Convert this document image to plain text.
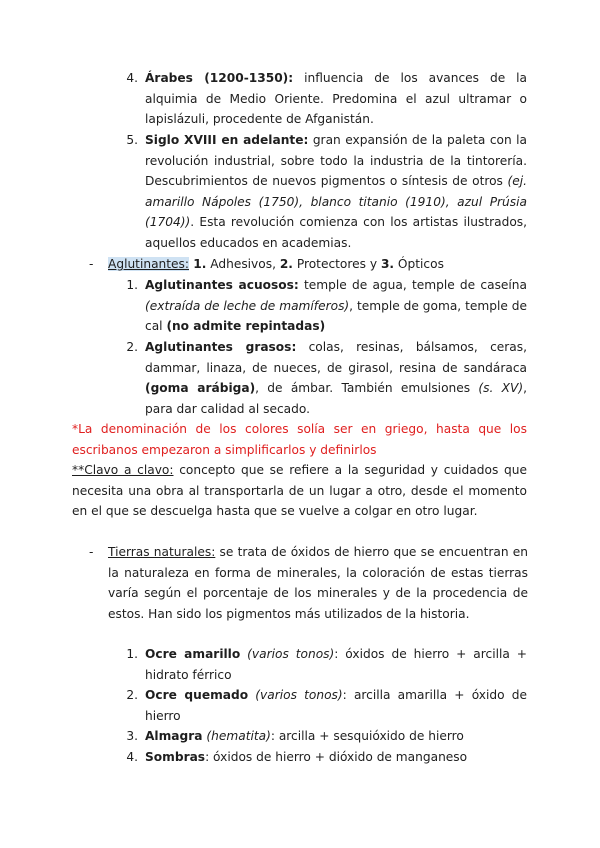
4. Árabes (1200-1350): influencia de los avances de la alquimia de Medio Oriente. Predomina el azul ultramar o lapislázuli, procedente de Afganistán.
5. Siglo XVIII en adelante: gran expansión de la paleta con la revolución industrial, sobre todo la industria de la tintorería. Descubrimientos de nuevos pigmentos o síntesis de otros (ej. amarillo Nápoles (1750), blanco titanio (1910), azul Prúsia (1704)). Esta revolución comienza con los artistas ilustrados, aquellos educados en academias.
- Aglutinantes: 1. Adhesivos, 2. Protectores y 3. Ópticos
1. Aglutinantes acuosos: temple de agua, temple de caseína (extraída de leche de mamíferos), temple de goma, temple de cal (no admite repintadas)
2. Aglutinantes grasos: colas, resinas, bálsamos, ceras, dammar, linaza, de nueces, de girasol, resina de sandáraca (goma arábiga), de ámbar. También emulsiones (s. XV), para dar calidad al secado.
*La denominación de los colores solía ser en griego, hasta que los escribanos empezaron a simplificarlos y definirlos
**Clavo a clavo: concepto que se refiere a la seguridad y cuidados que necesita una obra al transportarla de un lugar a otro, desde el momento en el que se descuelga hasta que se vuelve a colgar en otro lugar.
- Tierras naturales: se trata de óxidos de hierro que se encuentran en la naturaleza en forma de minerales, la coloración de estas tierras varía según el porcentaje de los minerales y de la procedencia de estos. Han sido los pigmentos más utilizados de la historia.
1. Ocre amarillo (varios tonos): óxidos de hierro + arcilla + hidrato férrico
2. Ocre quemado (varios tonos): arcilla amarilla + óxido de hierro
3. Almagra (hematita): arcilla + sesquióxido de hierro
4. Sombras: óxidos de hierro + dióxido de manganeso
